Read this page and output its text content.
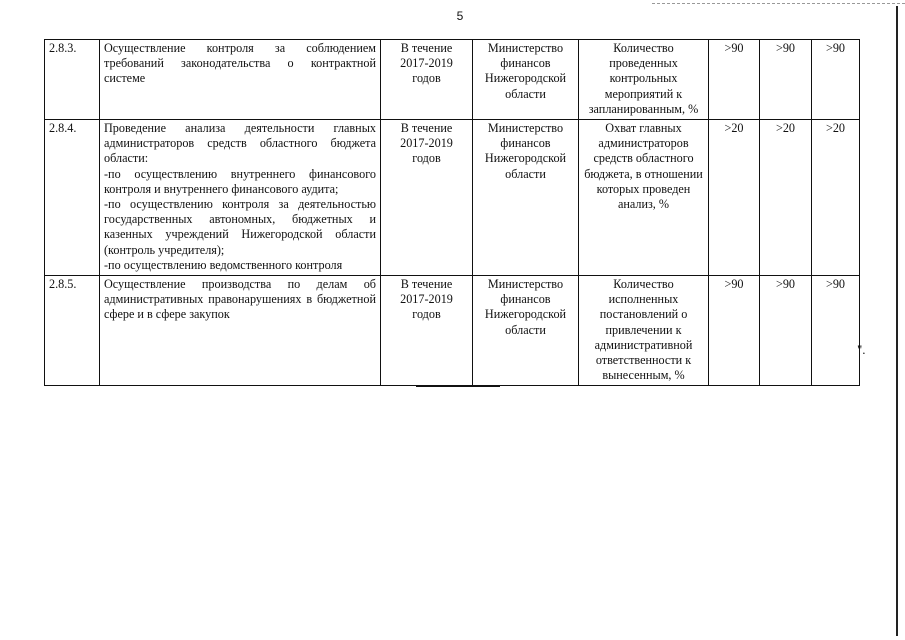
5
2.8.3.	Осуществление контроля за соблюдением требований законодательства о контрактной системе	В течение 2017-2019 годов	Министерство финансов Нижегородской области	Количество проведенных контрольных мероприятий к запланированным, %	>90	>90	>90
2.8.4.	Проведение анализа деятельности главных администраторов средств областного бюджета области:
-по осуществлению внутреннего финансового контроля и внутреннего финансового аудита;
-по осуществлению контроля за деятельностью государственных автономных, бюджетных и казенных учреждений Нижегородской области (контроль учредителя);
-по осуществлению ведомственного контроля	В течение 2017-2019 годов	Министерство финансов Нижегородской области	Охват главных администраторов средств областного бюджета, в отношении которых проведен анализ, %	>20	>20	>20
2.8.5.	Осуществление производства по делам об административных правонарушениях в бюджетной сфере и в сфере закупок	В течение 2017-2019 годов	Министерство финансов Нижегородской области	Количество исполненных постановлений о привлечении к административной ответственности к вынесенным, %	>90	>90	>90
".
